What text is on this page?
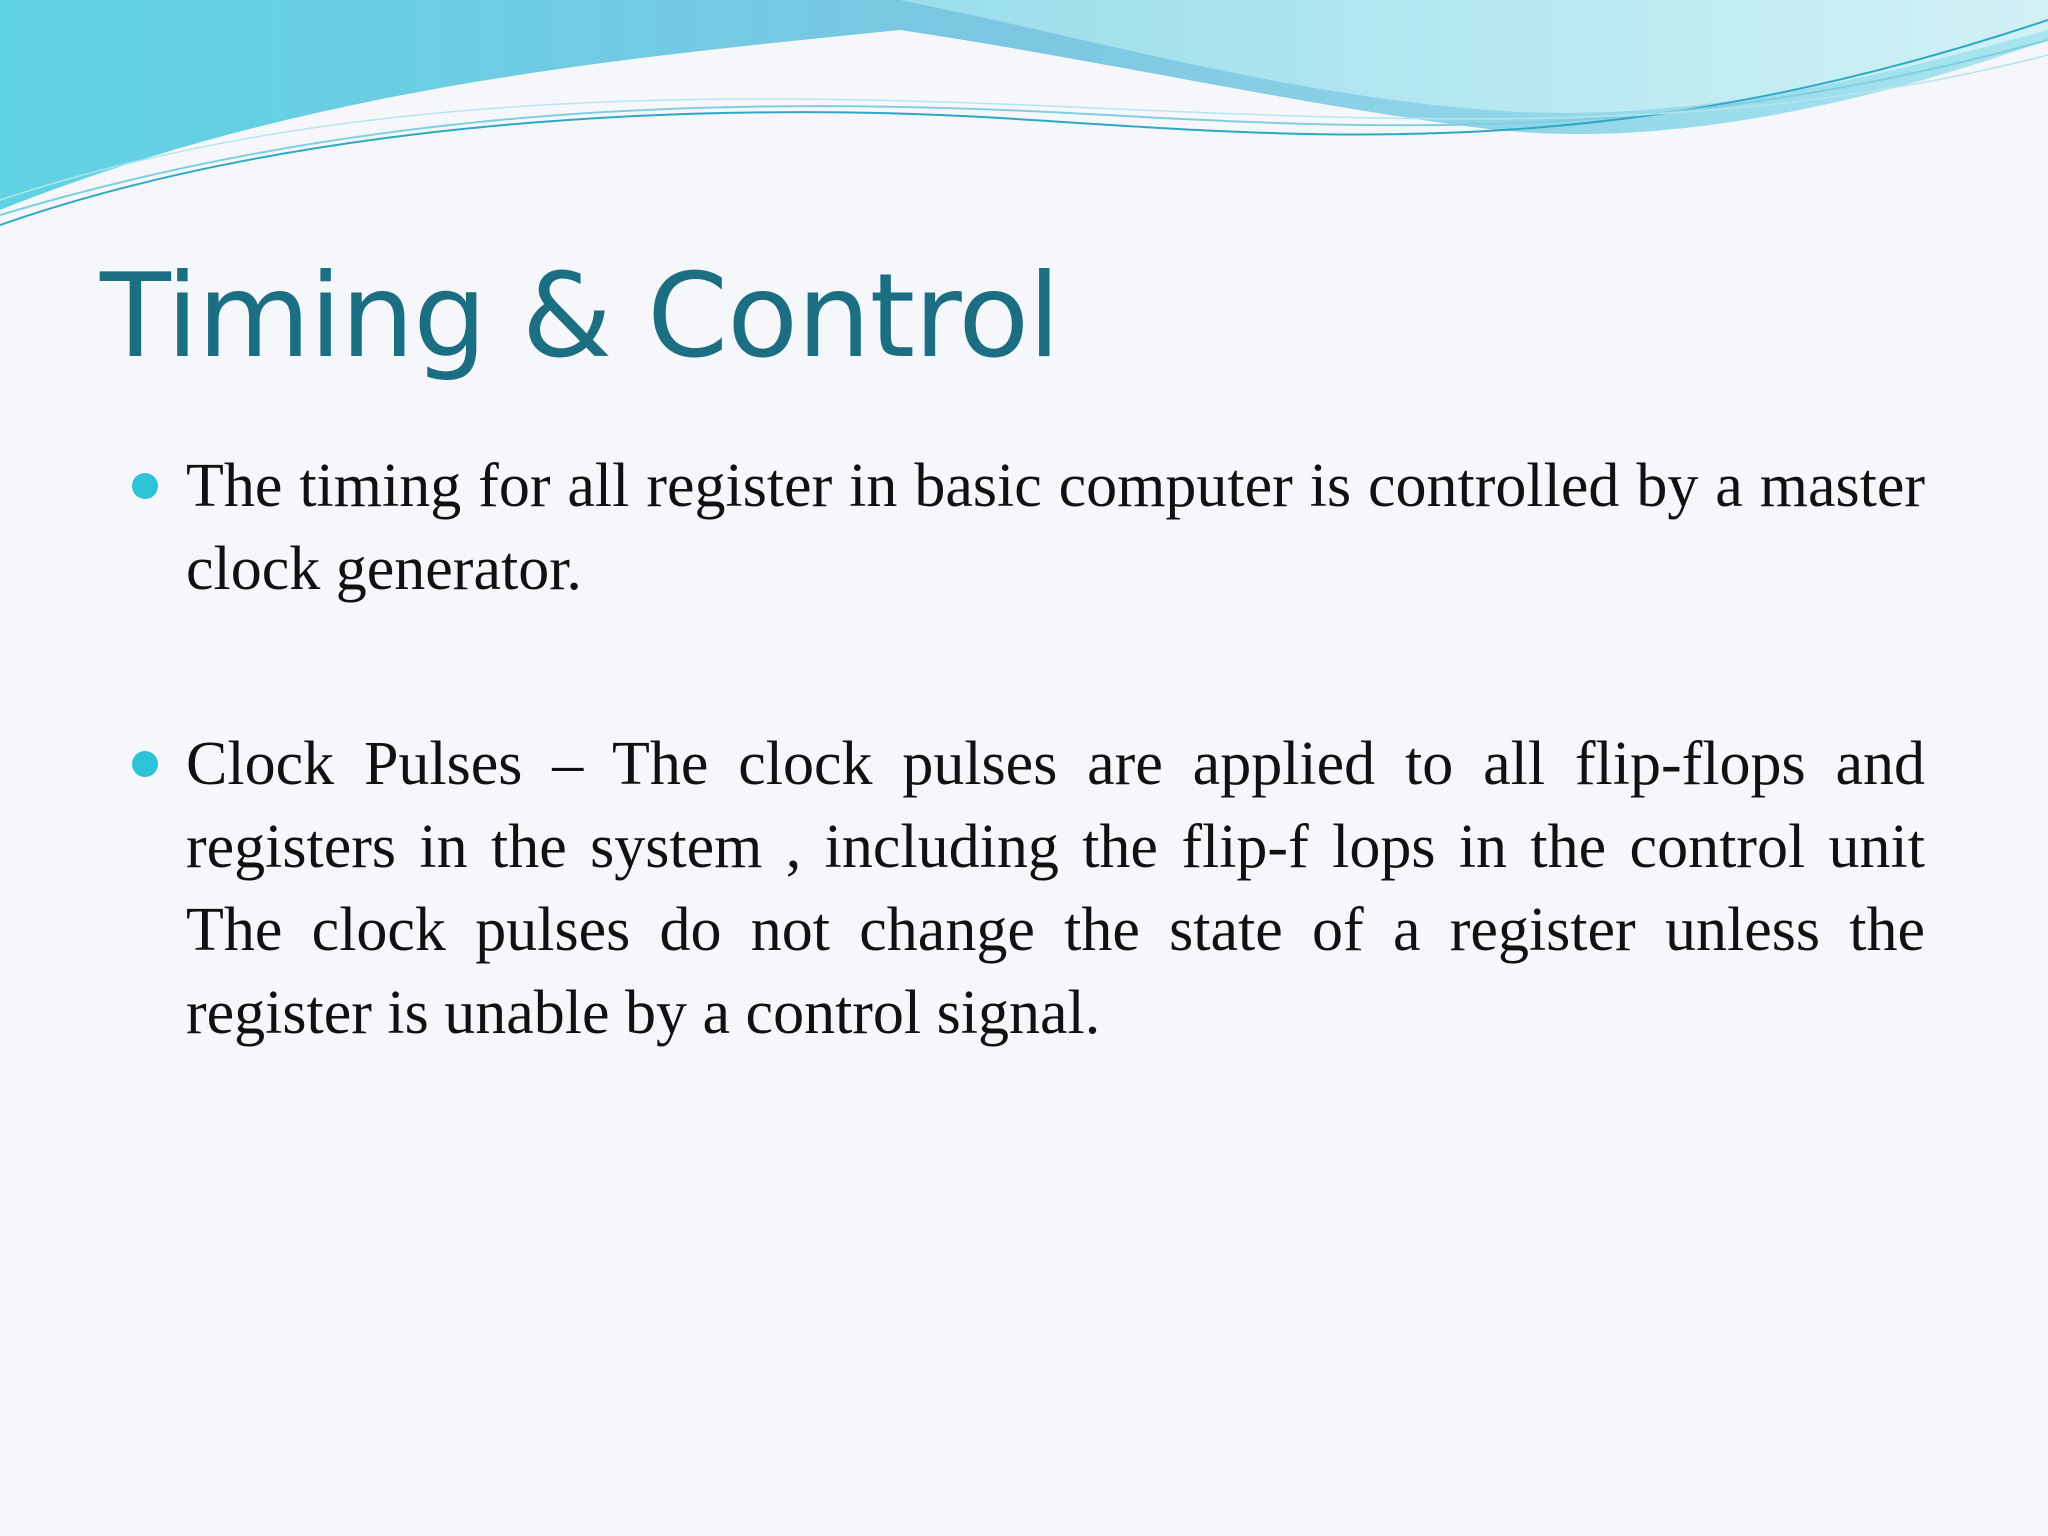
Timing & Control
The timing for all register in basic computer is controlled by a master clock generator.
Clock Pulses – The clock pulses are applied to all flip-flops and registers in the system , including the flip-f lops in the control unit The clock pulses do not change the state of a register unless the register is unable by a control signal.
